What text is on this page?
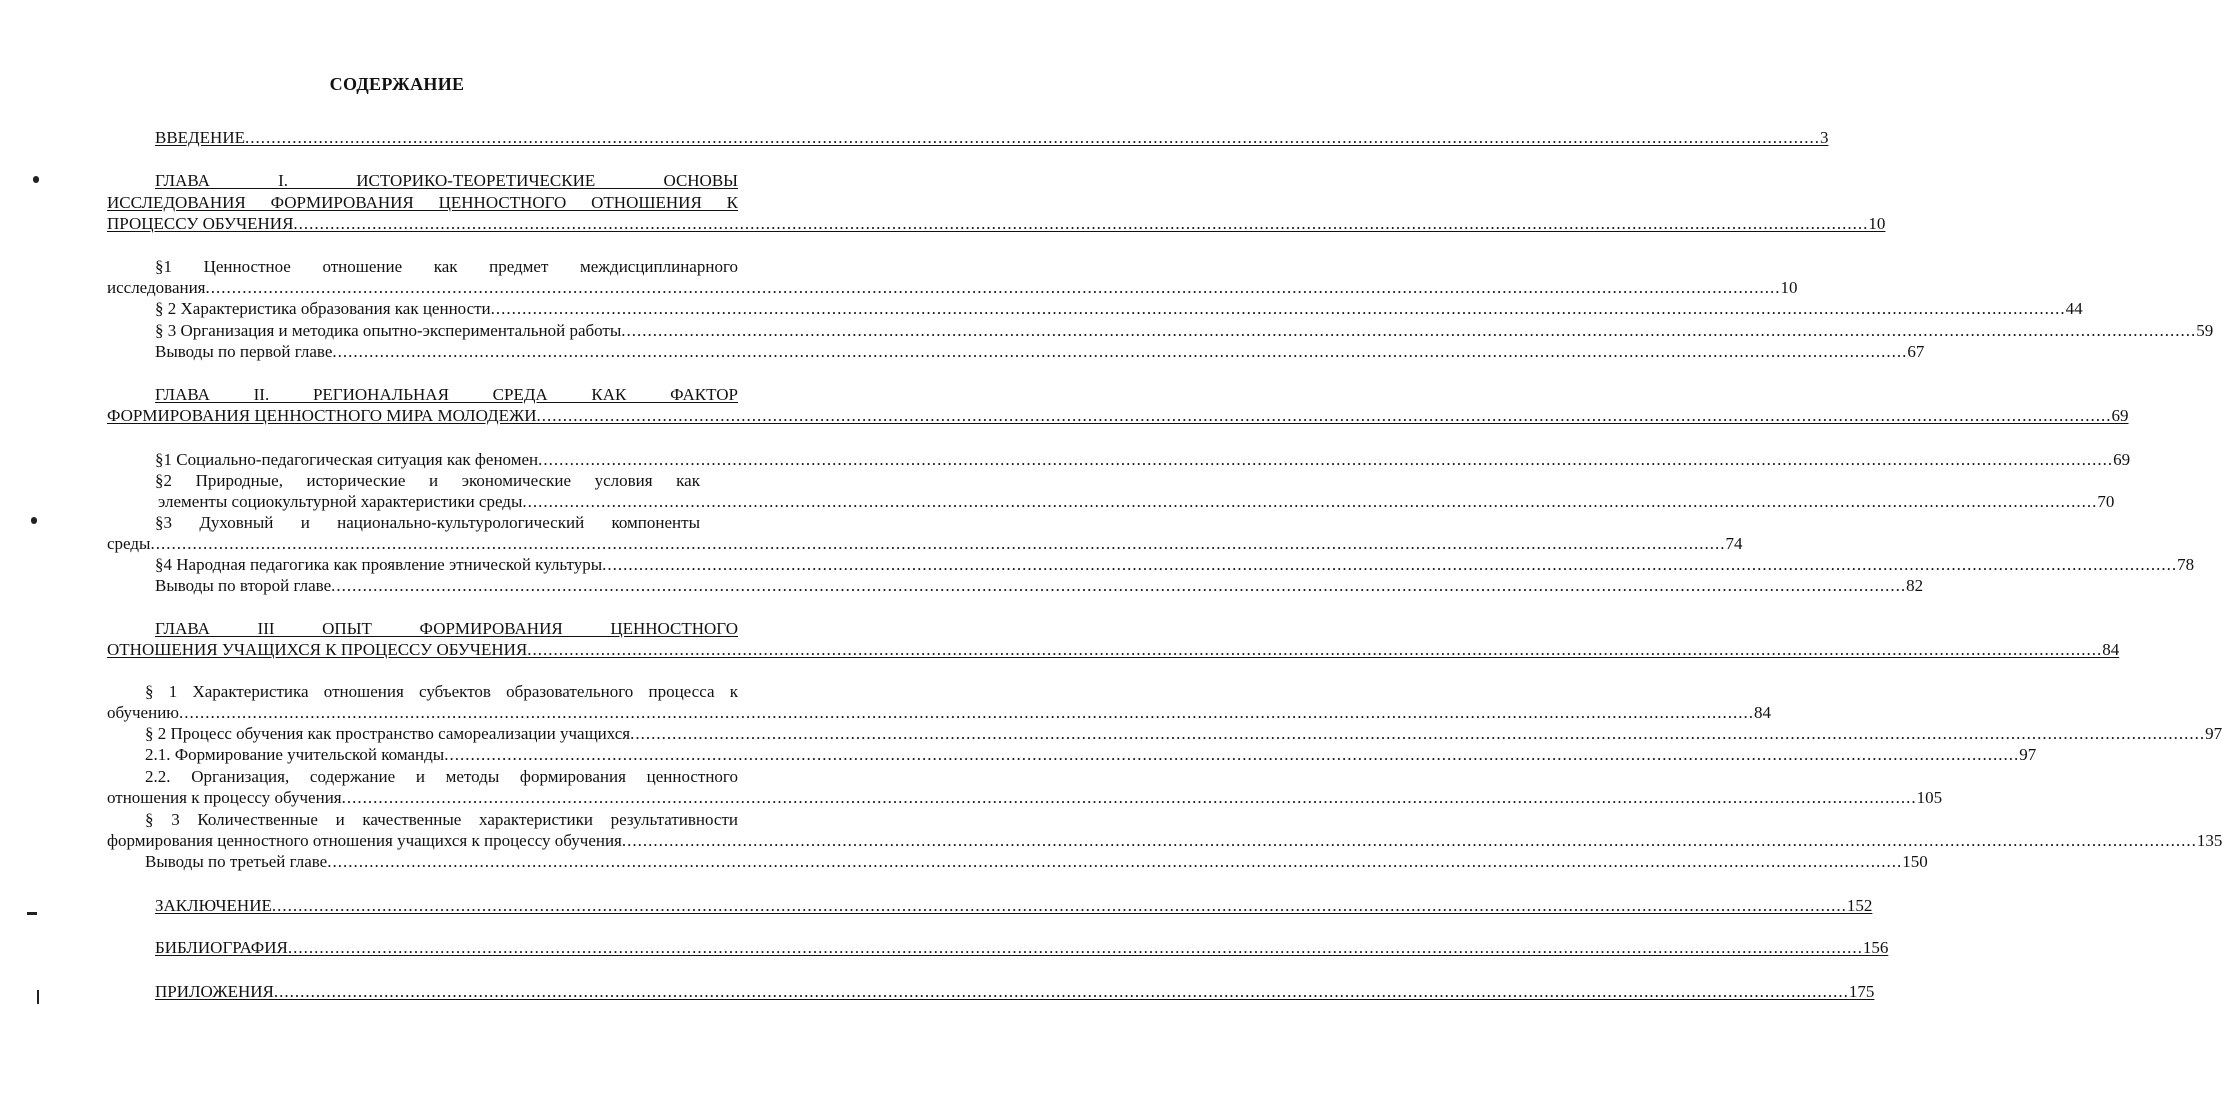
СОДЕРЖАНИЕ
ВВЕДЕНИЕ ............................................................................................................................................................................................................................................................................................................ 3
ГЛАВА I. ИСТОРИКО-ТЕОРЕТИЧЕСКИЕ ОСНОВЫ
ИССЛЕДОВАНИЯ ФОРМИРОВАНИЯ ЦЕННОСТНОГО ОТНОШЕНИЯ К
ПРОЦЕССУ ОБУЧЕНИЯ ............................................................................................................................................................................................................................................................................................................ 10
§1 Ценностное отношение как предмет междисциплинарного
исследования ............................................................................................................................................................................................................................................................................................................ 10
§ 2 Характеристика образования как ценности ............................................................................................................................................................................................................................................................................................................ 44
§ 3 Организация и методика опытно-экспериментальной работы ............................................................................................................................................................................................................................................................................................................ 59
Выводы по первой главе ............................................................................................................................................................................................................................................................................................................ 67
ГЛАВА II. РЕГИОНАЛЬНАЯ СРЕДА КАК ФАКТОР
ФОРМИРОВАНИЯ ЦЕННОСТНОГО МИРА МОЛОДЕЖИ ............................................................................................................................................................................................................................................................................................................ 69
§1 Социально-педагогическая ситуация как феномен ............................................................................................................................................................................................................................................................................................................ 69
§2 Природные, исторические и экономические условия как
элементы социокультурной характеристики среды ............................................................................................................................................................................................................................................................................................................ 70
§3 Духовный и национально-культурологический компоненты
среды ............................................................................................................................................................................................................................................................................................................ 74
§4 Народная педагогика как проявление этнической культуры ............................................................................................................................................................................................................................................................................................................ 78
Выводы по второй главе ............................................................................................................................................................................................................................................................................................................ 82
ГЛАВА III ОПЫТ ФОРМИРОВАНИЯ ЦЕННОСТНОГО
ОТНОШЕНИЯ УЧАЩИХСЯ К ПРОЦЕССУ ОБУЧЕНИЯ ............................................................................................................................................................................................................................................................................................................ 84
§ 1 Характеристика отношения субъектов образовательного процесса к
обучению ............................................................................................................................................................................................................................................................................................................ 84
§ 2 Процесс обучения как пространство самореализации учащихся ............................................................................................................................................................................................................................................................................................................ 97
2.1. Формирование учительской команды ............................................................................................................................................................................................................................................................................................................ 97
2.2. Организация, содержание и методы формирования ценностного
отношения к процессу обучения ............................................................................................................................................................................................................................................................................................................ 105
§ 3 Количественные и качественные характеристики результативности
формирования ценностного отношения учащихся к процессу обучения ............................................................................................................................................................................................................................................................................................................ 135
Выводы по третьей главе ............................................................................................................................................................................................................................................................................................................ 150
ЗАКЛЮЧЕНИЕ ............................................................................................................................................................................................................................................................................................................ 152
БИБЛИОГРАФИЯ ............................................................................................................................................................................................................................................................................................................ 156
ПРИЛОЖЕНИЯ ............................................................................................................................................................................................................................................................................................................ 175
